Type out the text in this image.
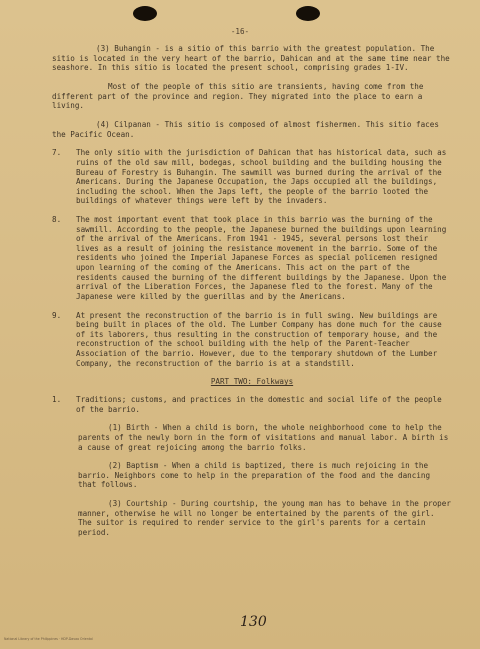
-16-

(3) Buhangin - is a sitio of this barrio with the greatest population. The sitio is located in the very heart of the barrio, Dahican and at the same time near the seashore. In this sitio is located the present school, comprising grades 1-IV.

Most of the people of this sitio are transients, having come from the different part of the province and region. They migrated into the place to earn a living.

(4) Cilpanan - This sitio is composed of almost fishermen. This sitio faces the Pacific Ocean.

7.	The only sitio with the jurisdiction of Dahican that has historical data, such as ruins of the old saw mill, bodegas, school building and the building housing the Bureau of Forestry is Buhangin. The sawmill was burned during the arrival of the Americans. During the Japanese Occupation, the Japs occupied all the buildings, including the school. When the Japs left, the people of the barrio looted the buildings of whatever things were left by the invaders.
8.	The most important event that took place in this barrio was the burning of the sawmill. According to the people, the Japanese burned the buildings upon learning of the arrival of the Americans. From 1941 - 1945, several persons lost their lives as a result of joining the resistance movement in the barrio. Some of the residents who joined the Imperial Japanese Forces as special policemen resigned upon learning of the coming of the Americans. This act on the part of the residents caused the burning of the different buildings by the Japanese. Upon the arrival of the Liberation Forces, the Japanese fled to the forest. Many of the Japanese were killed by the guerillas and by the Americans.
9.	At present the reconstruction of the barrio is in full swing. New buildings are being built in places of the old. The Lumber Company has done much for the cause of its laborers, thus resulting in the construction of temporary house, and the reconstruction of the school building with the help of the Parent-Teacher Association of the barrio. However, due to the temporary shutdown of the Lumber Company, the reconstruction of the barrio is at a standstill.
PART TWO: Folkways
1.	Traditions; customs, and practices in the domestic and social life of the people of the barrio.

(1) Birth - When a child is born, the whole neighborhood come to help the parents of the newly born in the form of visitations and manual labor. A birth is a cause of great rejoicing among the barrio folks.

(2) Baptism - When a child is baptized, there is much rejoicing in the barrio. Neighbors come to help in the preparation of the food and the dancing that follows.

(3) Courtship - During courtship, the young man has to behave in the proper manner, otherwise he will no longer be entertained by the parents of the girl. The suitor is required to render service to the girl's parents for a certain period.

130
National Library of the Philippines · HDP-Davao Oriental
